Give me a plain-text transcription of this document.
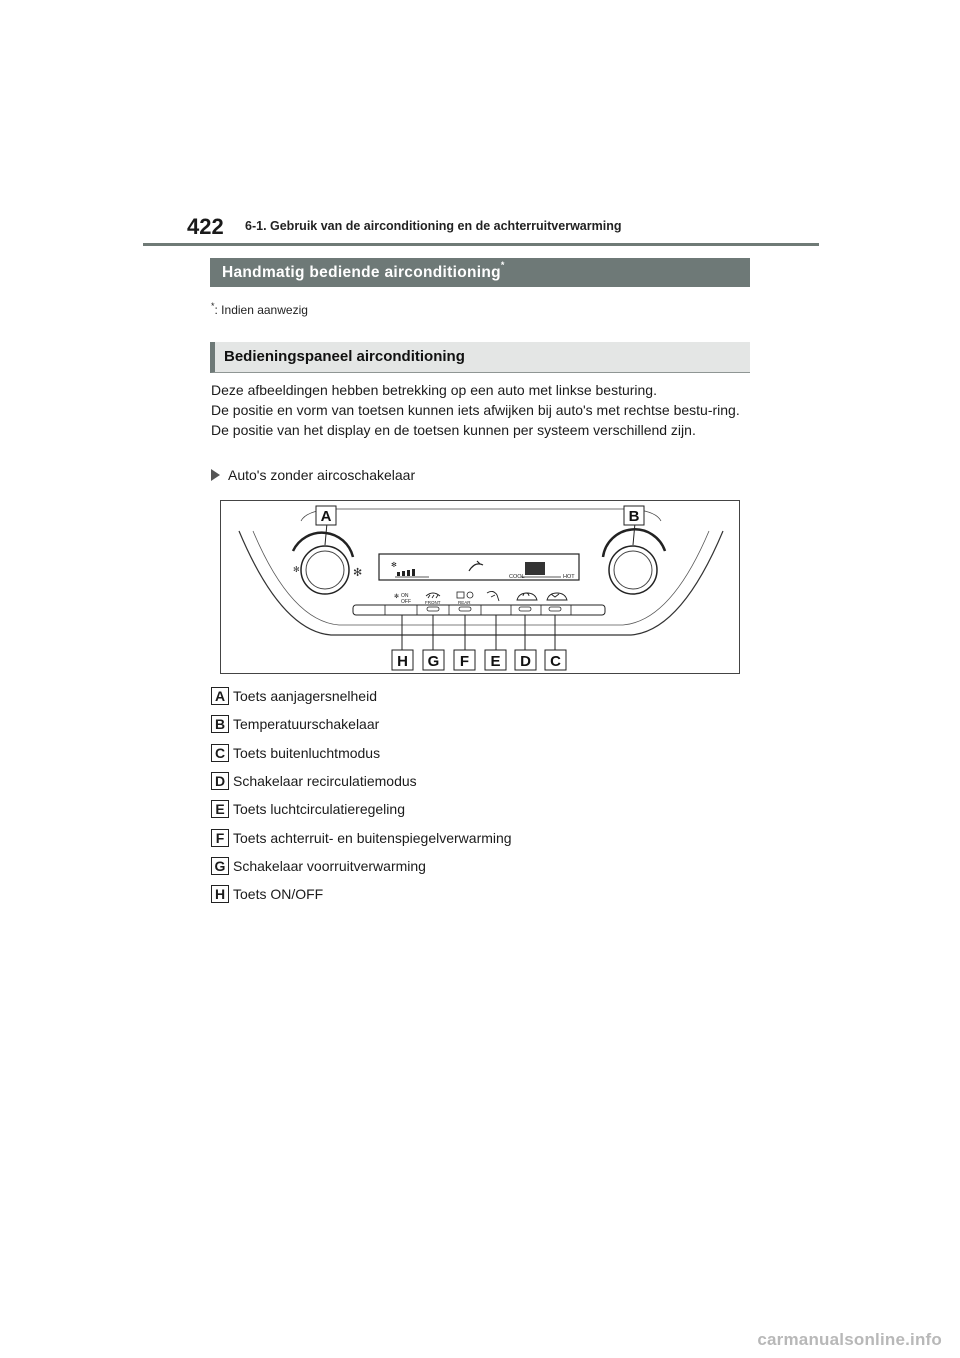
422 6-1. Gebruik van de airconditioning en de achterruitverwarming
Handmatig bediende airconditioning*
*: Indien aanwezig
Bedieningspaneel airconditioning

Deze afbeeldingen hebben betrekking op een auto met linkse besturing.

De positie en vorm van toetsen kunnen iets afwijken bij auto's met rechtse bestu-ring.

De positie van het display en de toetsen kunnen per systeem verschillend zijn.

Auto's zonder aircoschakelaar
✻	✻
A	B
✻
COOL	HOT
✻ ON
OFF	FRONT	REAR
H G F E D C
A Toets aanjagersnelheid
B Temperatuurschakelaar
C Toets buitenluchtmodus
D Schakelaar recirculatiemodus
E Toets luchtcirculatieregeling
F Toets achterruit- en buitenspiegelverwarming
G Schakelaar voorruitverwarming
H Toets ON/OFF
carmanualsonline.info
